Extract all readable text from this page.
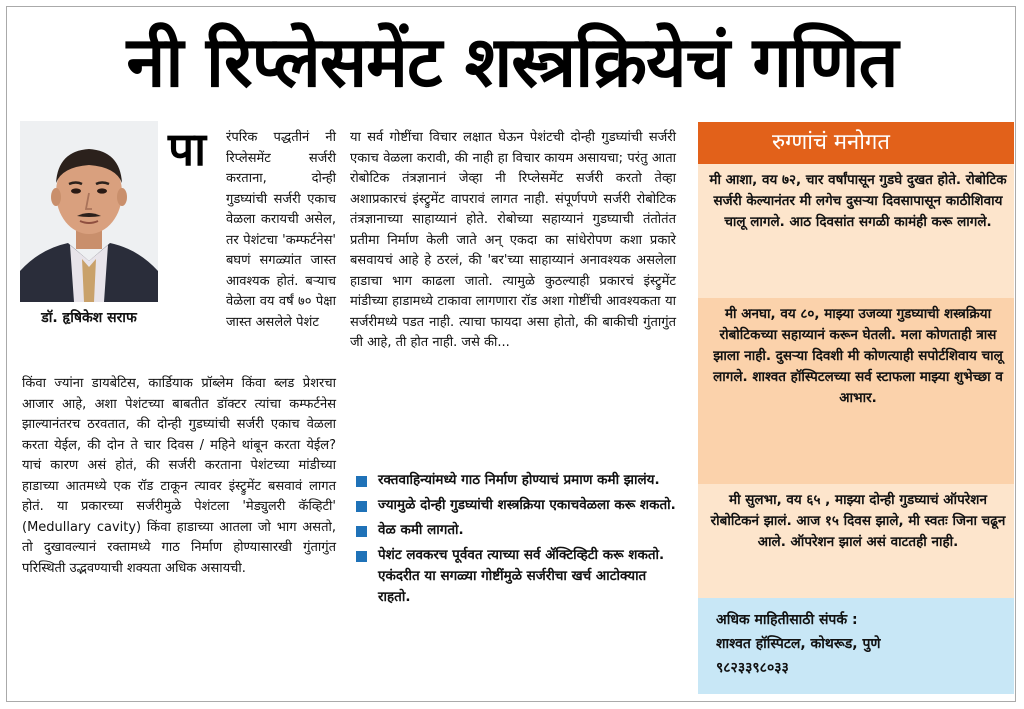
नी रिप्लेसमेंट शस्त्रक्रियेचं गणित
डॉ. हृषिकेश सराफ
पा रंपरिक पद्धतीनं नी रिप्लेसमेंट सर्जरी करताना, दोन्ही गुडघ्यांची सर्जरी एकाच वेळला करायची असेल, तर पेशंटचा 'कम्फर्टनेस' बघणं सगळ्यांत जास्त आवश्यक होतं. बऱ्याच वेळेला वय वर्षं ७० पेक्षा जास्त असलेले पेशंट

किंवा ज्यांना डायबेटिस, कार्डियाक प्रॉब्लेम किंवा ब्लड प्रेशरचा आजार आहे, अशा पेशंटच्या बाबतीत डॉक्टर त्यांचा कम्फर्टनेस झाल्यानंतरच ठरवतात, की दोन्ही गुडघ्यांची सर्जरी एकाच वेळला करता येईल, की दोन ते चार दिवस / महिने थांबून करता येईल? याचं कारण असं होतं, की सर्जरी करताना पेशंटच्या मांडीच्या हाडाच्या आतमध्ये एक रॉड टाकून त्यावर इंस्ट्रुमेंट बसवावं लागत होतं. या प्रकारच्या सर्जरीमुळे पेशंटला 'मेड्युलरी कॅव्हिटी' (Medullary cavity) किंवा हाडाच्या आतला जो भाग असतो, तो दुखावल्यानं रक्तामध्ये गाठ निर्माण होण्यासारखी गुंतागुंत परिस्थिती उद्भवण्याची शक्यता अधिक असायची.

या सर्व गोष्टींचा विचार लक्षात घेऊन पेशंटची दोन्ही गुडघ्यांची सर्जरी एकाच वेळला करावी, की नाही हा विचार कायम असायचा; परंतु आता रोबोटिक तंत्रज्ञानानं जेव्हा नी रिप्लेसमेंट सर्जरी करतो तेव्हा अशाप्रकारचं इंस्ट्रुमेंट वापरावं लागत नाही. संपूर्णपणे सर्जरी रोबोटिक तंत्रज्ञानाच्या साहाय्यानं होते. रोबोच्या सहाय्यानं गुडघ्याची तंतोतंत प्रतीमा निर्माण केली जाते अन् एकदा का सांधेरोपण कशा प्रकारे बसवायचं आहे हे ठरलं, की 'बर'च्या साहाय्यानं अनावश्यक असलेला हाडाचा भाग काढला जातो. त्यामुळे कुठल्याही प्रकारचं इंस्ट्रुमेंट मांडीच्या हाडामध्ये टाकावा लागणारा रॉड अशा गोष्टींची आवश्यकता या सर्जरीमध्ये पडत नाही. त्याचा फायदा असा होतो, की बाकीची गुंतागुंत जी आहे, ती होत नाही. जसे की...

रक्तवाहिन्यांमध्ये गाठ निर्माण होण्याचं प्रमाण कमी झालंय.
ज्यामुळे दोन्ही गुडघ्यांची शस्त्रक्रिया एकाचवेळला करू शकतो.
वेळ कमी लागतो.
पेशंट लवकरच पूर्ववत त्याच्या सर्व ॲक्टिव्हिटी करू शकतो. एकंदरीत या सगळ्या गोष्टींमुळे सर्जरीचा खर्च आटोक्यात राहतो.
रुग्णांचं मनोगत
मी आशा, वय ७२, चार वर्षांपासून गुडघे दुखत होते. रोबोटिक सर्जरी केल्यानंतर मी लगेच दुसऱ्या दिवसापासून काठीशिवाय चालू लागले. आठ दिवसांत सगळी कामंही करू लागले.
मी अनघा, वय ८०, माझ्या उजव्या गुडघ्याची शस्त्रक्रिया रोबोटिकच्या सहाय्यानं करून घेतली. मला कोणताही त्रास झाला नाही. दुसऱ्या दिवशी मी कोणत्याही सपोर्टशिवाय चालू लागले. शाश्वत हॉस्पिटलच्या सर्व स्टाफला माझ्या शुभेच्छा व आभार.
मी सुलभा, वय ६५ , माझ्या दोन्ही गुडघ्याचं ऑपरेशन रोबोटिकनं झालं. आज १५ दिवस झाले, मी स्वतः जिना चढून आले. ऑपरेशन झालं असं वाटतही नाही.
अधिक माहितीसाठी संपर्क :
शाश्वत हॉस्पिटल, कोथरूड, पुणे
९८२३३९८०३३
